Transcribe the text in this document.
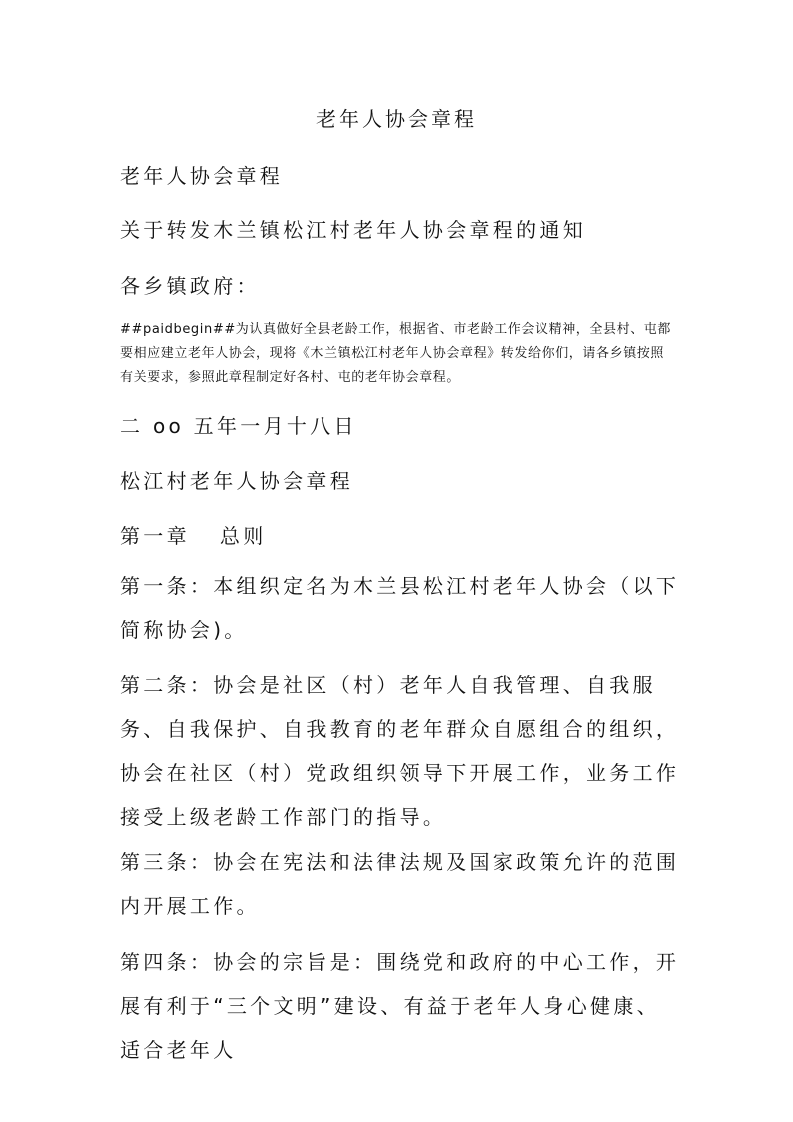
老年人协会章程

老年人协会章程

关于转发木兰镇松江村老年人协会章程的通知

各乡镇政府：

##paidbegin##为认真做好全县老龄工作，根据省、市老龄工作会议精神，全县村、屯都要相应建立老年人协会，现将《木兰镇松江村老年人协会章程》转发给你们，请各乡镇按照有关要求，参照此章程制定好各村、屯的老年协会章程。

二 oo 五年一月十八日

松江村老年人协会章程

第一章 总则

第一条：本组织定名为木兰县松江村老年人协会（以下简称协会)。

第二条：协会是社区（村）老年人自我管理、自我服务、自我保护、自我教育的老年群众自愿组合的组织，协会在社区（村）党政组织领导下开展工作，业务工作接受上级老龄工作部门的指导。

第三条：协会在宪法和法律法规及国家政策允许的范围内开展工作。

第四条：协会的宗旨是：围绕党和政府的中心工作，开展有利于“三个文明”建设、有益于老年人身心健康、适合老年人
